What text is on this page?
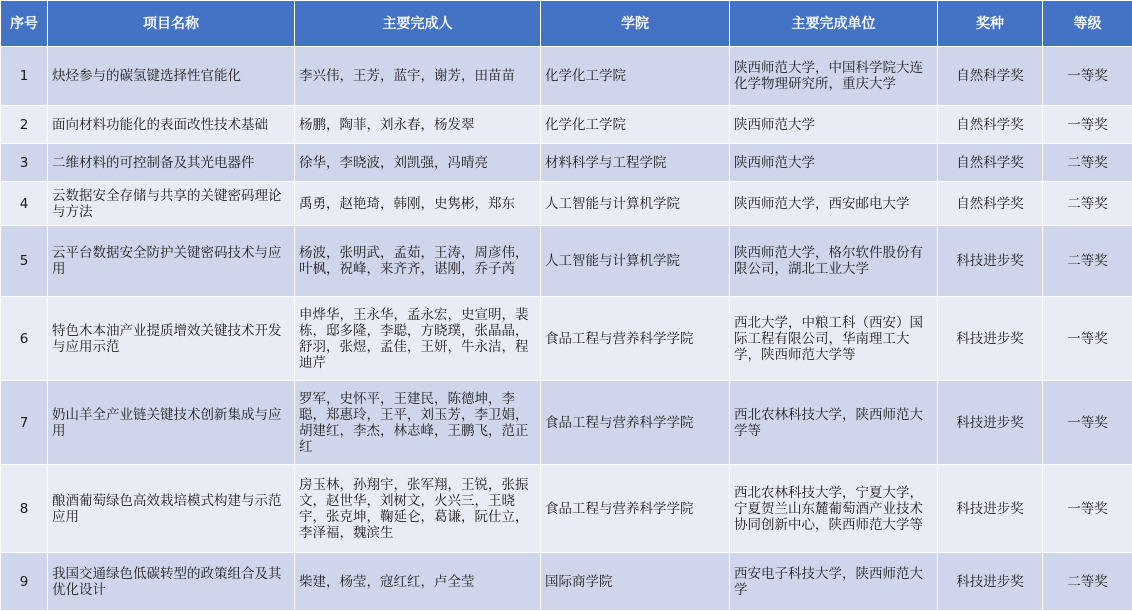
序号	项目名称	主要完成人	学院	主要完成单位	奖种	等级
1	炔烃参与的碳氢键选择性官能化	李兴伟，王芳，蓝宇，谢芳，田苗苗	化学化工学院	陕西师范大学，中国科学院大连化学物理研究所，重庆大学	自然科学奖	一等奖
2	面向材料功能化的表面改性技术基础	杨鹏，陶菲，刘永春，杨发翠	化学化工学院	陕西师范大学	自然科学奖	一等奖
3	二维材料的可控制备及其光电器件	徐华，李晓波，刘凯强，冯晴亮	材料科学与工程学院	陕西师范大学	自然科学奖	二等奖
4	云数据安全存储与共享的关键密码理论与方法	禹勇，赵艳琦，韩刚，史隽彬，郑东	人工智能与计算机学院	陕西师范大学，西安邮电大学	自然科学奖	二等奖
5	云平台数据安全防护关键密码技术与应用	杨波，张明武，孟茹，王涛，周彦伟，叶枫，祝峰，来齐齐，谌刚，乔子芮	人工智能与计算机学院	陕西师范大学，格尔软件股份有限公司，湖北工业大学	科技进步奖	二等奖
6	特色木本油产业提质增效关键技术开发与应用示范	申烨华，王永华，孟永宏，史宣明，裴栋，邸多隆，李聪，方晓璞，张晶晶，舒羽，张煜，孟佳，王妍，牛永洁，程迪芹	食品工程与营养科学学院	西北大学，中粮工科（西安）国际工程有限公司，华南理工大学，陕西师范大学等	科技进步奖	一等奖
7	奶山羊全产业链关键技术创新集成与应用	罗军，史怀平，王建民，陈德坤，李聪，郑惠玲，王平，刘玉芳，李卫娟，胡建红，李杰，林志峰，王鹏飞，范正红	食品工程与营养科学学院	西北农林科技大学，陕西师范大学等	科技进步奖	一等奖
8	酿酒葡萄绿色高效栽培模式构建与示范应用	房玉林，孙翔宇，张军翔，王锐，张振文，赵世华，刘树文，火兴三，王晓宇，张克坤，鞠延仑，葛谦，阮仕立，李泽福，魏滨生	食品工程与营养科学学院	西北农林科技大学，宁夏大学，宁夏贺兰山东麓葡萄酒产业技术协同创新中心，陕西师范大学等	科技进步奖	一等奖
9	我国交通绿色低碳转型的政策组合及其优化设计	柴建，杨莹，寇红红，卢全莹	国际商学院	西安电子科技大学，陕西师范大学	科技进步奖	二等奖
